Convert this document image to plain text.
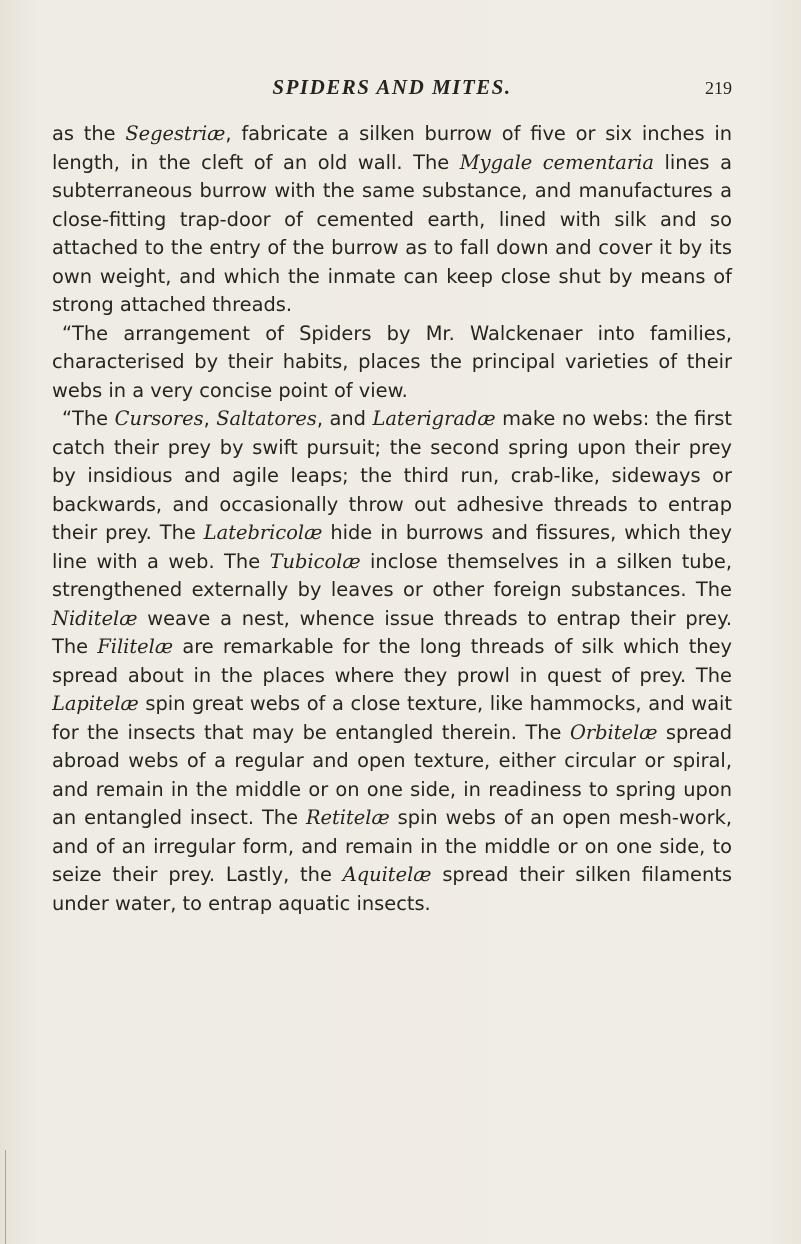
SPIDERS AND MITES.	219

as the Segestriæ, fabricate a silken burrow of five or six inches in length, in the cleft of an old wall. The Mygale cementaria lines a subterraneous burrow with the same substance, and manufactures a close-fitting trap-door of cemented earth, lined with silk and so attached to the entry of the burrow as to fall down and cover it by its own weight, and which the inmate can keep close shut by means of strong attached threads.

“The arrangement of Spiders by Mr. Walckenaer into families, characterised by their habits, places the principal varieties of their webs in a very concise point of view.

“The Cursores, Saltatores, and Laterigradæ make no webs: the first catch their prey by swift pursuit; the second spring upon their prey by insidious and agile leaps; the third run, crab-like, sideways or backwards, and occasionally throw out adhesive threads to entrap their prey. The Latebricolæ hide in burrows and fissures, which they line with a web. The Tubicolæ inclose themselves in a silken tube, strengthened externally by leaves or other foreign substances. The Niditelæ weave a nest, whence issue threads to entrap their prey. The Filitelæ are remarkable for the long threads of silk which they spread about in the places where they prowl in quest of prey. The Lapitelæ spin great webs of a close texture, like hammocks, and wait for the insects that may be entangled therein. The Orbitelæ spread abroad webs of a regular and open texture, either circular or spiral, and remain in the middle or on one side, in readiness to spring upon an entangled insect. The Retitelæ spin webs of an open mesh-work, and of an irregular form, and remain in the middle or on one side, to seize their prey. Lastly, the Aquitelæ spread their silken filaments under water, to entrap aquatic insects.
